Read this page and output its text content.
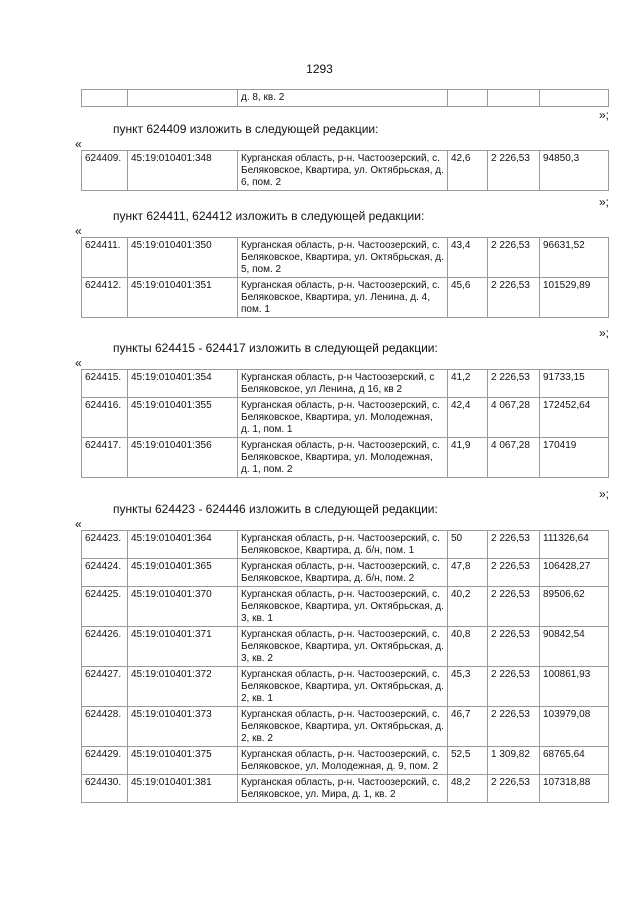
1293
		д. 8, кв. 2			
»;
пункт 624409 изложить в следующей редакции:
«
624409.	45:19:010401:348	Курганская область, р-н. Частоозерский, с. Беляковское, Квартира, ул. Октябрьская, д. 6, пом. 2	42,6	2 226,53	94850,3
»;
пункт 624411, 624412 изложить в следующей редакции:
«
624411.	45:19:010401:350	Курганская область, р-н. Частоозерский, с. Беляковское, Квартира, ул. Октябрьская, д. 5, пом. 2	43,4	2 226,53	96631,52
624412.	45:19:010401:351	Курганская область, р-н. Частоозерский, с. Беляковское, Квартира, ул. Ленина, д. 4, пом. 1	45,6	2 226,53	101529,89
»;
пункты 624415 - 624417 изложить в следующей редакции:
«
624415.	45:19:010401:354	Курганская область, р-н Частоозерский, с Беляковское, ул Ленина, д 16, кв 2	41,2	2 226,53	91733,15
624416.	45:19:010401:355	Курганская область, р-н. Частоозерский, с. Беляковское, Квартира, ул. Молодежная, д. 1, пом. 1	42,4	4 067,28	172452,64
624417.	45:19:010401:356	Курганская область, р-н. Частоозерский, с. Беляковское, Квартира, ул. Молодежная, д. 1, пом. 2	41,9	4 067,28	170419
»;
пункты 624423 - 624446 изложить в следующей редакции:
«
624423.	45:19:010401:364	Курганская область, р-н. Частоозерский, с. Беляковское, Квартира, д. б/н, пом. 1	50	2 226,53	111326,64
624424.	45:19:010401:365	Курганская область, р-н. Частоозерский, с. Беляковское, Квартира, д. б/н, пом. 2	47,8	2 226,53	106428,27
624425.	45:19:010401:370	Курганская область, р-н. Частоозерский, с. Беляковское, Квартира, ул. Октябрьская, д. 3, кв. 1	40,2	2 226,53	89506,62
624426.	45:19:010401:371	Курганская область, р-н. Частоозерский, с. Беляковское, Квартира, ул. Октябрьская, д. 3, кв. 2	40,8	2 226,53	90842,54
624427.	45:19:010401:372	Курганская область, р-н. Частоозерский, с. Беляковское, Квартира, ул. Октябрьская, д. 2, кв. 1	45,3	2 226,53	100861,93
624428.	45:19:010401:373	Курганская область, р-н. Частоозерский, с. Беляковское, Квартира, ул. Октябрьская, д. 2, кв. 2	46,7	2 226,53	103979,08
624429.	45:19:010401:375	Курганская область, р-н. Частоозерский, с. Беляковское, ул. Молодежная, д. 9, пом. 2	52,5	1 309,82	68765,64
624430.	45:19:010401:381	Курганская область, р-н. Частоозерский, с. Беляковское, ул. Мира, д. 1, кв. 2	48,2	2 226,53	107318,88
